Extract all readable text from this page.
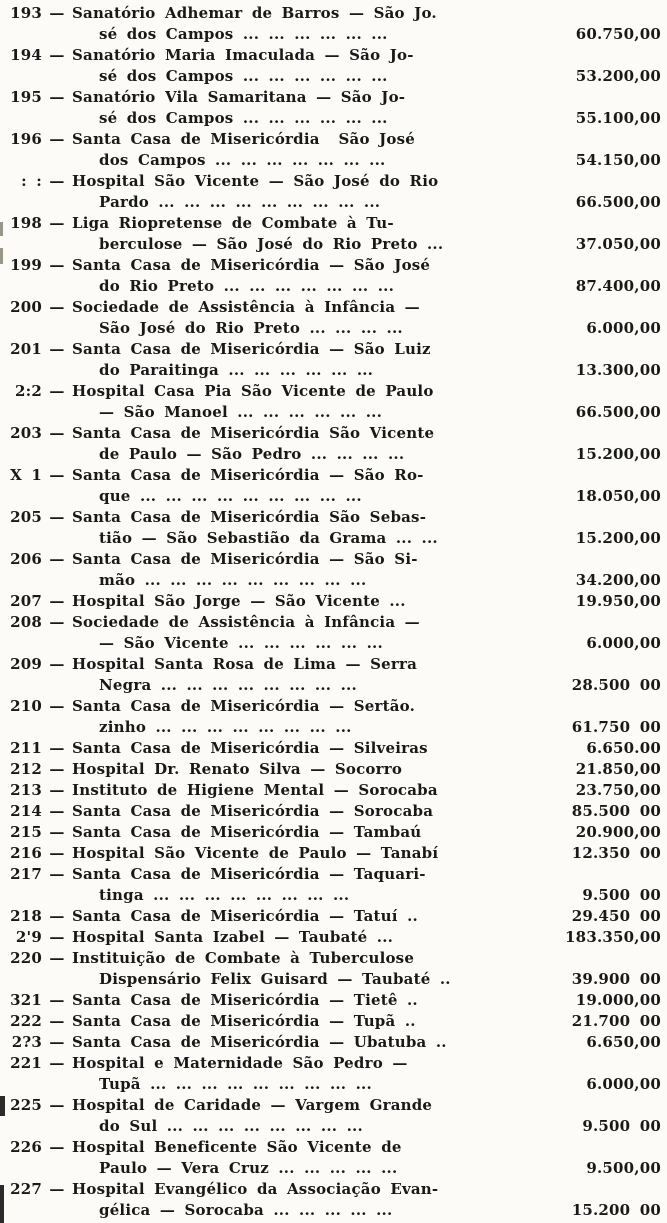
193 — Sanatório Adhemar de Barros — São Jo.
sé dos Campos ... ... ... ... ... ...	60.750,00
194 — Sanatório Maria Imaculada — São Jo-
sé dos Campos ... ... ... ... ... ...	53.200,00
195 — Sanatório Vila Samaritana — São Jo-
sé dos Campos ... ... ... ... ... ...	55.100,00
196 — Santa Casa de Misericórdia  São José
dos Campos ... ... ... ... ... ... ...	54.150,00
: : — Hospital São Vicente — São José do Rio
Pardo ... ... ... ... ... ... ... ... ...	66.500,00
198 — Liga Riopretense de Combate à Tu-
berculose — São José do Rio Preto ...	37.050,00
199 — Santa Casa de Misericórdia — São José
do Rio Preto ... ... ... ... ... ... ...	87.400,00
200 — Sociedade de Assistência à Infância —
São José do Rio Preto ... ... ... ...	6.000,00
201 — Santa Casa de Misericórdia — São Luiz
do Paraitinga ... ... ... ... ... ...	13.300,00
2:2 — Hospital Casa Pia São Vicente de Paulo
— São Manoel ... ... ... ... ... ...	66.500,00
203 — Santa Casa de Misericórdia São Vicente
de Paulo — São Pedro ... ... ... ...	15.200,00
X 1 — Santa Casa de Misericórdia — São Ro-
que ... ... ... ... ... ... ... ... ...	18.050,00
205 — Santa Casa de Misericórdia São Sebas-
tião — São Sebastião da Grama ... ...	15.200,00
206 — Santa Casa de Misericórdia — São Si-
mão ... ... ... ... ... ... ... ... ...	34.200,00
207 — Hospital São Jorge — São Vicente ...	19.950,00
208 — Sociedade de Assistência à Infância —
— São Vicente ... ... ... ... ... ...	6.000,00
209 — Hospital Santa Rosa de Lima — Serra
Negra ... ... ... ... ... ... ... ...	28.500 00
210 — Santa Casa de Misericórdia — Sertão.
zinho ... ... ... ... ... ... ... ...	61.750 00
211 — Santa Casa de Misericórdia — Silveiras	6.650.00
212 — Hospital Dr. Renato Silva — Socorro	21.850,00
213 — Instituto de Higiene Mental — Sorocaba	23.750,00
214 — Santa Casa de Misericórdia — Sorocaba	85.500 00
215 — Santa Casa de Misericórdia — Tambaú	20.900,00
216 — Hospital São Vicente de Paulo — Tanabí	12.350 00
217 — Santa Casa de Misericórdia — Taquari-
tinga ... ... ... ... ... ... ... ...	9.500 00
218 — Santa Casa de Misericórdia — Tatuí ..	29.450 00
2'9 — Hospital Santa Izabel — Taubaté ...	183.350,00
220 — Instituição de Combate à Tuberculose
Dispensário Felix Guisard — Taubaté ..	39.900 00
321 — Santa Casa de Misericórdia — Tietê ..	19.000,00
222 — Santa Casa de Misericórdia — Tupã ..	21.700 00
2?3 — Santa Casa de Misericórdia — Ubatuba ..	6.650,00
221 — Hospital e Maternidade São Pedro —
Tupã ... ... ... ... ... ... ... ... ...	6.000,00
225 — Hospital de Caridade — Vargem Grande
do Sul ... ... ... ... ... ... ... ...	9.500 00
226 — Hospital Beneficente São Vicente de
Paulo — Vera Cruz ... ... ... ... ...	9.500,00
227 — Hospital Evangélico da Associação Evan-
gélica — Sorocaba ... ... ... ... ...	15.200 00
